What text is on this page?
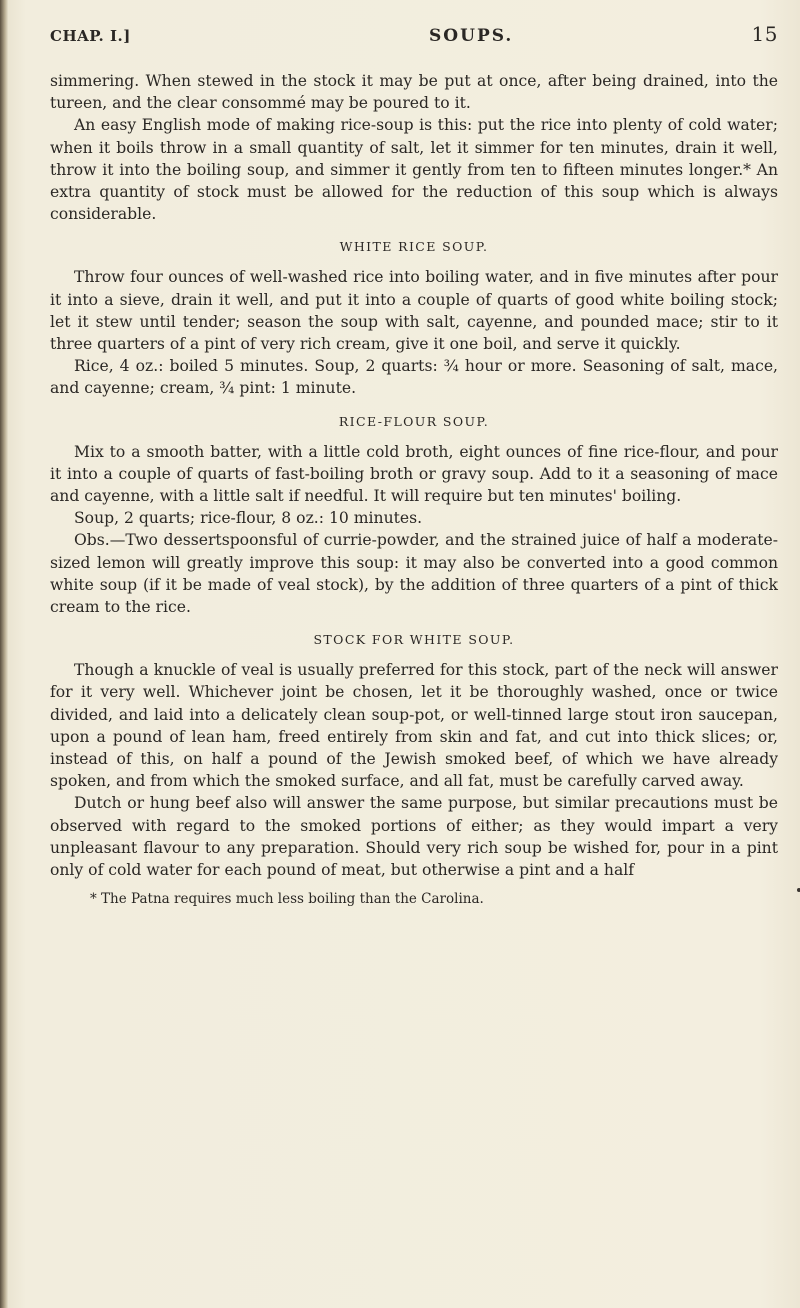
CHAP. I.]	SOUPS.	15

simmering. When stewed in the stock it may be put at once, after being drained, into the tureen, and the clear consommé may be poured to it.

An easy English mode of making rice-soup is this: put the rice into plenty of cold water; when it boils throw in a small quantity of salt, let it simmer for ten minutes, drain it well, throw it into the boiling soup, and simmer it gently from ten to fifteen minutes longer.* An extra quantity of stock must be allowed for the reduction of this soup which is always considerable.

WHITE RICE SOUP.

Throw four ounces of well-washed rice into boiling water, and in five minutes after pour it into a sieve, drain it well, and put it into a couple of quarts of good white boiling stock; let it stew until tender; season the soup with salt, cayenne, and pounded mace; stir to it three quarters of a pint of very rich cream, give it one boil, and serve it quickly.

Rice, 4 oz.: boiled 5 minutes. Soup, 2 quarts: ¾ hour or more. Seasoning of salt, mace, and cayenne; cream, ¾ pint: 1 minute.

RICE-FLOUR SOUP.

Mix to a smooth batter, with a little cold broth, eight ounces of fine rice-flour, and pour it into a couple of quarts of fast-boiling broth or gravy soup. Add to it a seasoning of mace and cayenne, with a little salt if needful. It will require but ten minutes' boiling.

Soup, 2 quarts; rice-flour, 8 oz.: 10 minutes.

Obs.—Two dessertspoonsful of currie-powder, and the strained juice of half a moderate-sized lemon will greatly improve this soup: it may also be converted into a good common white soup (if it be made of veal stock), by the addition of three quarters of a pint of thick cream to the rice.

STOCK FOR WHITE SOUP.

Though a knuckle of veal is usually preferred for this stock, part of the neck will answer for it very well. Whichever joint be chosen, let it be thoroughly washed, once or twice divided, and laid into a delicately clean soup-pot, or well-tinned large stout iron saucepan, upon a pound of lean ham, freed entirely from skin and fat, and cut into thick slices; or, instead of this, on half a pound of the Jewish smoked beef, of which we have already spoken, and from which the smoked surface, and all fat, must be carefully carved away.

Dutch or hung beef also will answer the same purpose, but similar precautions must be observed with regard to the smoked portions of either; as they would impart a very unpleasant flavour to any preparation. Should very rich soup be wished for, pour in a pint only of cold water for each pound of meat, but otherwise a pint and a half

* The Patna requires much less boiling than the Carolina.
